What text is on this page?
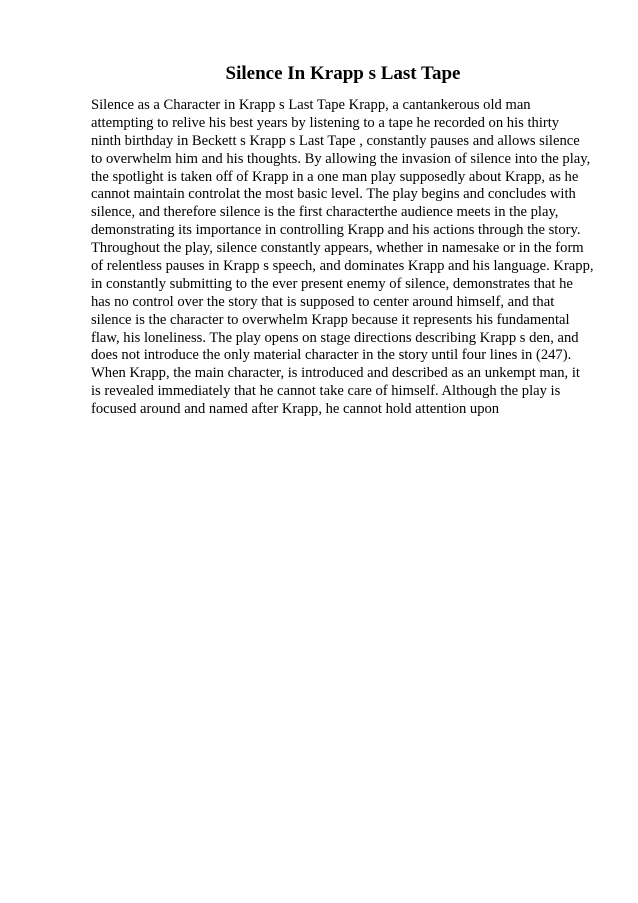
Silence In Krapp s Last Tape
Silence as a Character in Krapp s Last Tape Krapp, a cantankerous old man
attempting to relive his best years by listening to a tape he recorded on his thirty
ninth birthday in Beckett s Krapp s Last Tape , constantly pauses and allows silence
to overwhelm him and his thoughts. By allowing the invasion of silence into the play,
the spotlight is taken off of Krapp in a one man play supposedly about Krapp, as he
cannot maintain controlat the most basic level. The play begins and concludes with
silence, and therefore silence is the first characterthe audience meets in the play,
demonstrating its importance in controlling Krapp and his actions through the story.
Throughout the play, silence constantly appears, whether in namesake or in the form
of relentless pauses in Krapp s speech, and dominates Krapp and his language. Krapp,
in constantly submitting to the ever present enemy of silence, demonstrates that he
has no control over the story that is supposed to center around himself, and that
silence is the character to overwhelm Krapp because it represents his fundamental
flaw, his loneliness. The play opens on stage directions describing Krapp s den, and
does not introduce the only material character in the story until four lines in (247).
When Krapp, the main character, is introduced and described as an unkempt man, it
is revealed immediately that he cannot take care of himself. Although the play is
focused around and named after Krapp, he cannot hold attention upon
